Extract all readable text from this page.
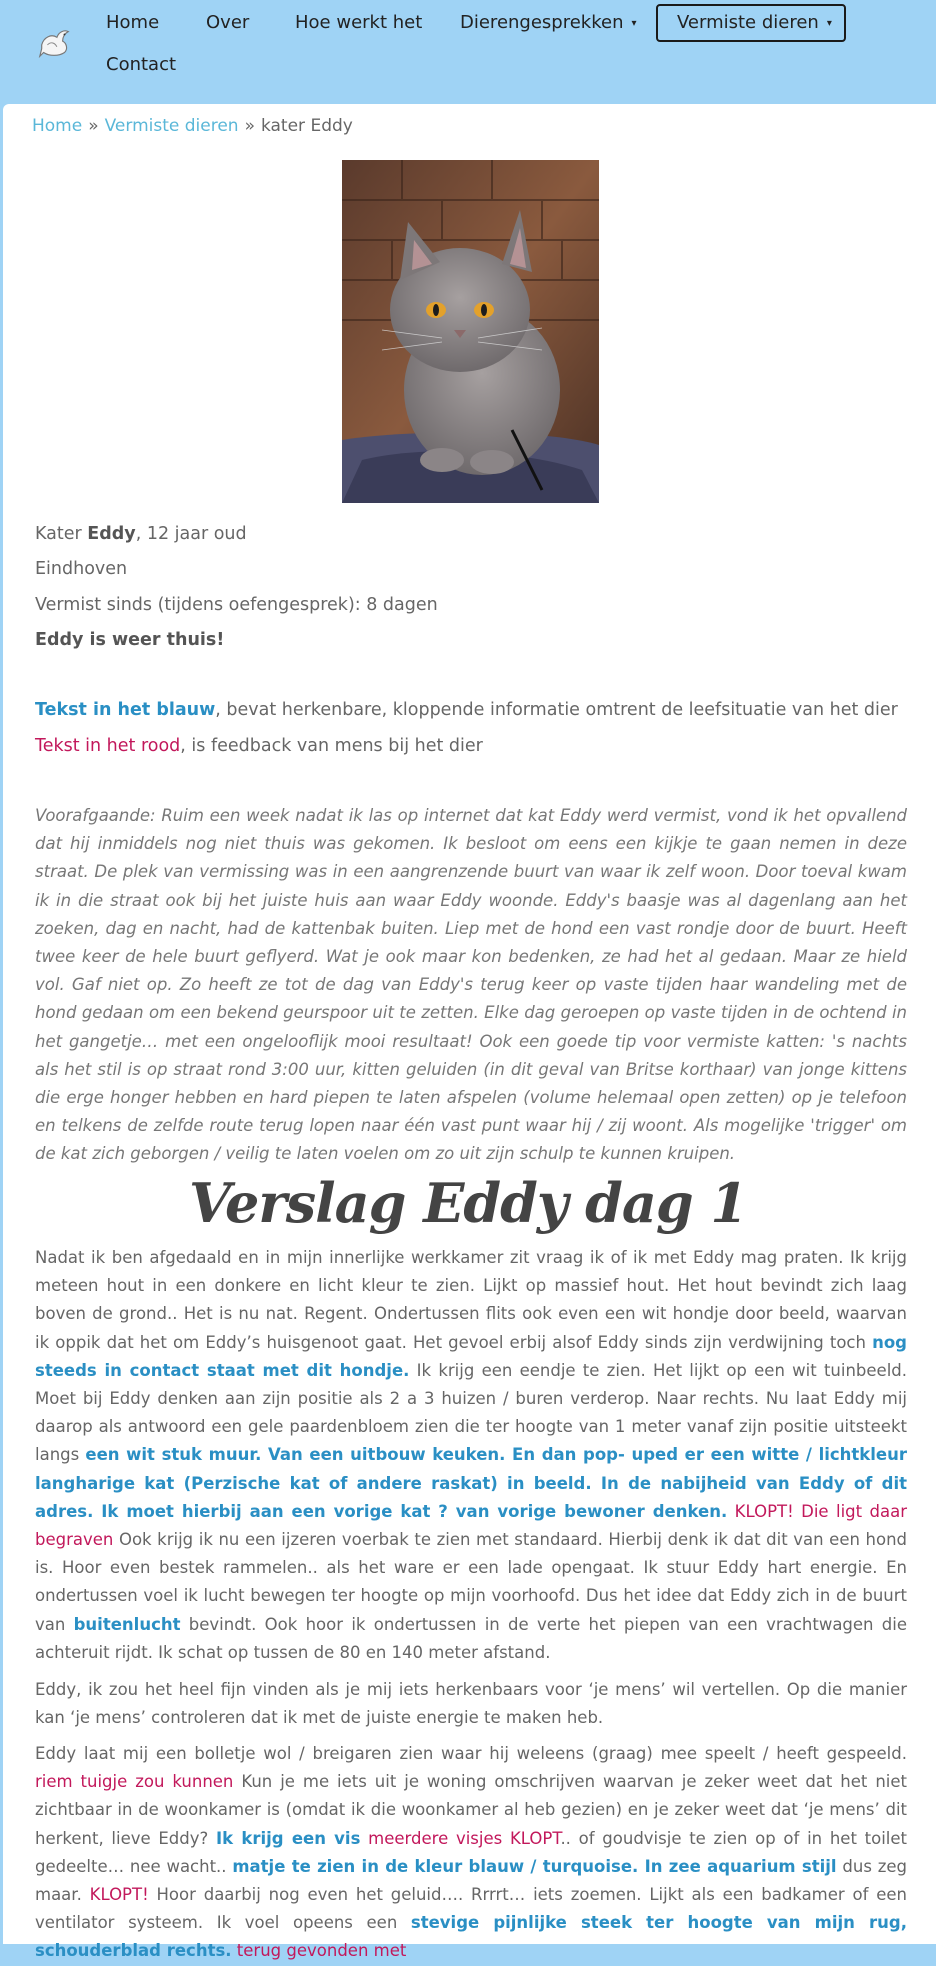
Home	Over	Hoe werkt het Dierengesprekken ▾ Vermiste dieren ▾
Contact
Home » Vermiste dieren » kater Eddy
Kater Eddy, 12 jaar oud
Eindhoven
Vermist sinds (tijdens oefengesprek): 8 dagen
Eddy is weer thuis!
Tekst in het blauw, bevat herkenbare, kloppende informatie omtrent de leefsituatie van het dier
Tekst in het rood, is feedback van mens bij het dier
Voorafgaande: Ruim een week nadat ik las op internet dat kat Eddy werd vermist, vond ik het opvallend dat hij inmiddels nog niet thuis was gekomen. Ik besloot om eens een kijkje te gaan nemen in deze straat. De plek van vermissing was in een aangrenzende buurt van waar ik zelf woon. Door toeval kwam ik in die straat ook bij het juiste huis aan waar Eddy woonde. Eddy's baasje was al dagenlang aan het zoeken, dag en nacht, had de kattenbak buiten. Liep met de hond een vast rondje door de buurt. Heeft twee keer de hele buurt geflyerd. Wat je ook maar kon bedenken, ze had het al gedaan. Maar ze hield vol. Gaf niet op. Zo heeft ze tot de dag van Eddy's terug keer op vaste tijden haar wandeling met de hond gedaan om een bekend geurspoor uit te zetten. Elke dag geroepen op vaste tijden in de ochtend in het gangetje… met een ongelooflijk mooi resultaat! Ook een goede tip voor vermiste katten: 's nachts als het stil is op straat rond 3:00 uur, kitten geluiden (in dit geval van Britse korthaar) van jonge kittens die erge honger hebben en hard piepen te laten afspelen (volume helemaal open zetten) op je telefoon en telkens de zelfde route terug lopen naar één vast punt waar hij / zij woont. Als mogelijke 'trigger' om de kat zich geborgen / veilig te laten voelen om zo uit zijn schulp te kunnen kruipen.
Verslag Eddy dag 1
Nadat ik ben afgedaald en in mijn innerlijke werkkamer zit vraag ik of ik met Eddy mag praten. Ik krijg meteen hout in een donkere en licht kleur te zien. Lijkt op massief hout. Het hout bevindt zich laag boven de grond.. Het is nu nat. Regent. Ondertussen flits ook even een wit hondje door beeld, waarvan ik oppik dat het om Eddy’s huisgenoot gaat. Het gevoel erbij alsof Eddy sinds zijn verdwijning toch nog steeds in contact staat met dit hondje. Ik krijg een eendje te zien. Het lijkt op een wit tuinbeeld. Moet bij Eddy denken aan zijn positie als 2 a 3 huizen / buren verderop. Naar rechts. Nu laat Eddy mij daarop als antwoord een gele paardenbloem zien die ter hoogte van 1 meter vanaf zijn positie uitsteekt langs een wit stuk muur. Van een uitbouw keuken. En dan pop- uped er een witte / lichtkleur langharige kat (Perzische kat of andere raskat) in beeld. In de nabijheid van Eddy of dit adres. Ik moet hierbij aan een vorige kat ? van vorige bewoner denken. KLOPT! Die ligt daar begraven Ook krijg ik nu een ijzeren voerbak te zien met standaard. Hierbij denk ik dat dit van een hond is. Hoor even bestek rammelen.. als het ware er een lade opengaat. Ik stuur Eddy hart energie. En ondertussen voel ik lucht bewegen ter hoogte op mijn voorhoofd. Dus het idee dat Eddy zich in de buurt van buitenlucht bevindt. Ook hoor ik ondertussen in de verte het piepen van een vrachtwagen die achteruit rijdt. Ik schat op tussen de 80 en 140 meter afstand.
Eddy, ik zou het heel fijn vinden als je mij iets herkenbaars voor ‘je mens’ wil vertellen. Op die manier kan ‘je mens’ controleren dat ik met de juiste energie te maken heb.
Eddy laat mij een bolletje wol / breigaren zien waar hij weleens (graag) mee speelt / heeft gespeeld. riem tuigje zou kunnen Kun je me iets uit je woning omschrijven waarvan je zeker weet dat het niet zichtbaar in de woonkamer is (omdat ik die woonkamer al heb gezien) en je zeker weet dat ‘je mens’ dit herkent, lieve Eddy? Ik krijg een vis meerdere visjes KLOPT.. of goudvisje te zien op of in het toilet gedeelte… nee wacht.. matje te zien in de kleur blauw / turquoise. In zee aquarium stijl dus zeg maar. KLOPT! Hoor daarbij nog even het geluid…. Rrrrt… iets zoemen. Lijkt als een badkamer of een ventilator systeem. Ik voel opeens een stevige pijnlijke steek ter hoogte van mijn rug, schouderblad rechts. terug gevonden met
